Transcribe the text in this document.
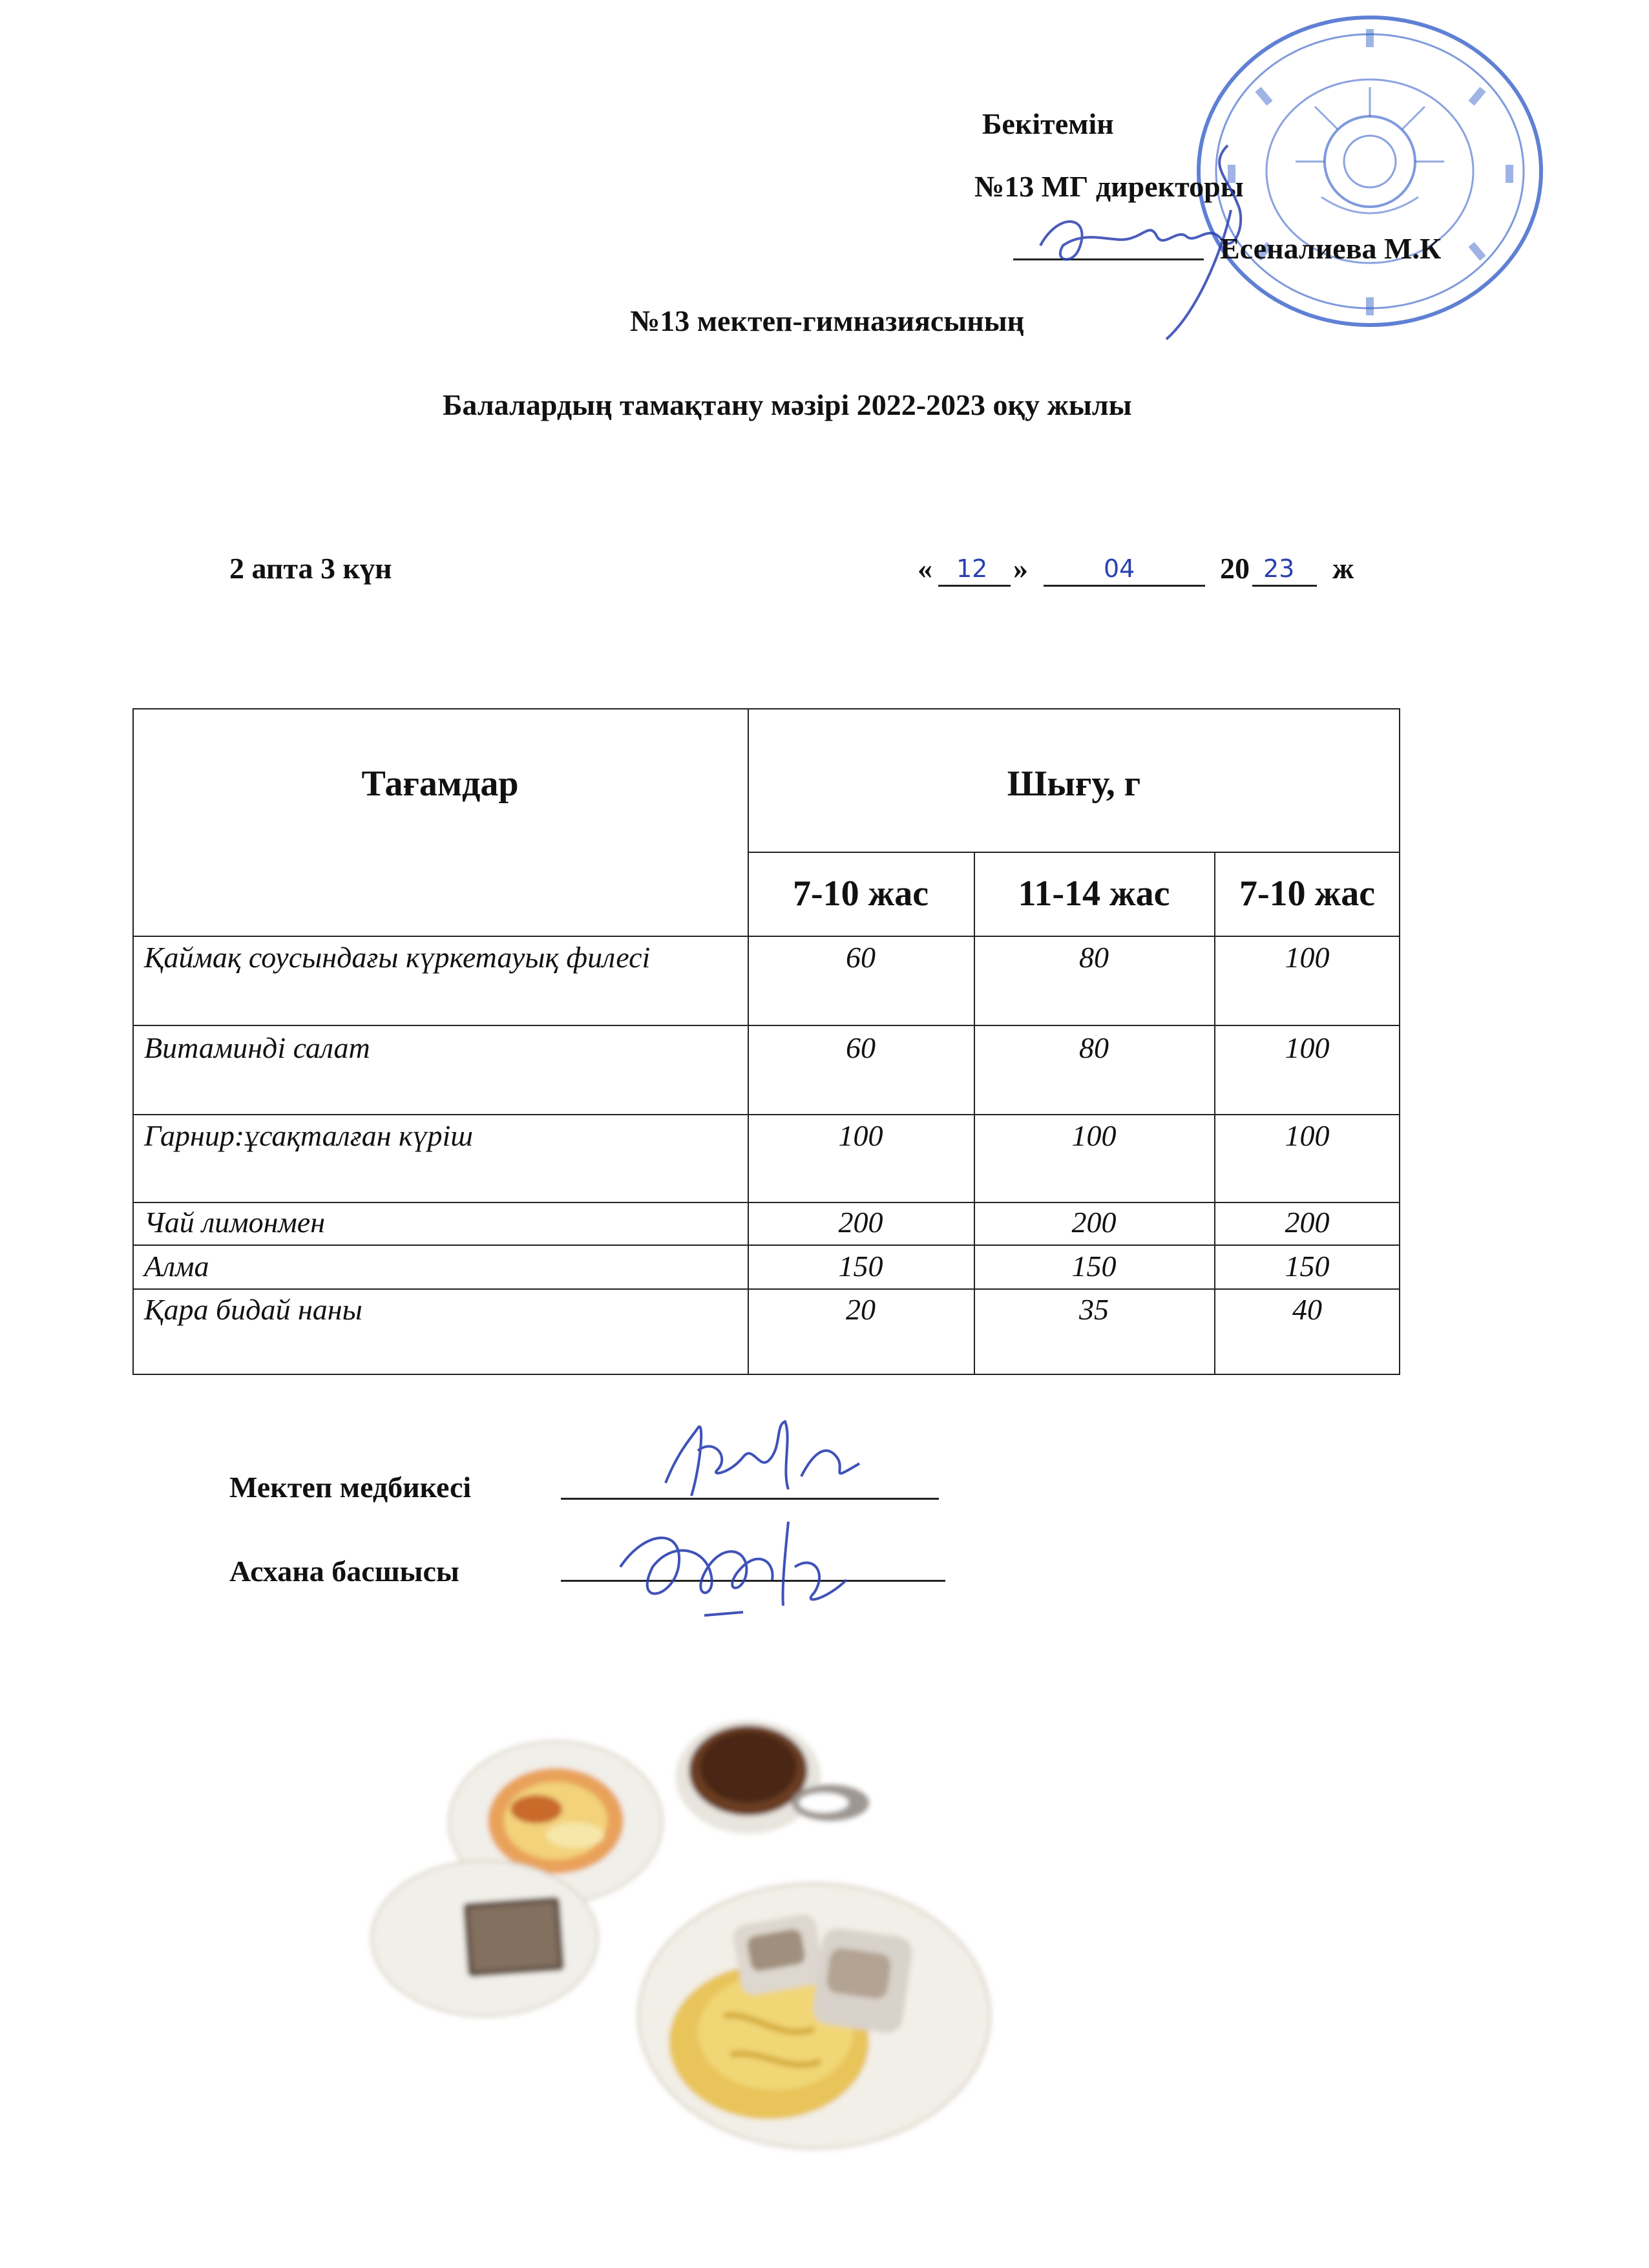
Бекітемін
№13 МГ директоры
Есеналиева М.К
№13 мектеп-гимназиясының
Балалардың тамақтану мәзірі 2022-2023 оқу жылы
2 апта 3 күн	« 12 »	04	20 23 ж
Тағамдар	Шығу, г
7-10 жас	11-14 жас	7-10 жас
Қаймақ соусындағы күркетауық филесі	60	80	100
Витаминді салат	60	80	100
Гарнир:ұсақталған күріш	100	100	100
Чай лимонмен	200	200	200
Алма	150	150	150
Қара бидай наны	20	35	40
Мектеп медбикесі
Асхана басшысы
